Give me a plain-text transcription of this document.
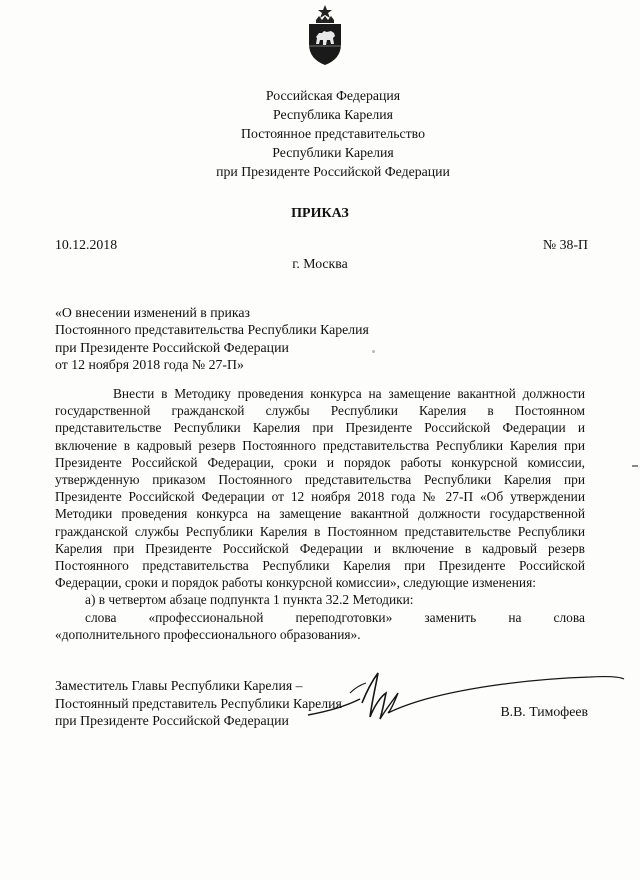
Российская Федерация
Республика Карелия
Постоянное представительство
Республики Карелия
при Президенте Российской Федерации
ПРИКАЗ
10.12.2018	№ 38-П
г. Москва
«О внесении изменений в приказ
Постоянного представительства Республики Карелия
при Президенте Российской Федерации
от 12 ноября 2018 года № 27-П»

Внести в Методику проведения конкурса на замещение вакантной должности государственной гражданской службы Республики Карелия в Постоянном представительстве Республики Карелия при Президенте Российской Федерации и включение в кадровый резерв Постоянного представительства Республики Карелия при Президенте Российской Федерации, сроки и порядок работы конкурсной комиссии, утвержденную приказом Постоянного представительства Республики Карелия при Президенте Российской Федерации от 12 ноября 2018 года № 27-П «Об утверждении Методики проведения конкурса на замещение вакантной должности государственной гражданской службы Республики Карелия в Постоянном представительстве Республики Карелия при Президенте Российской Федерации и включение в кадровый резерв Постоянного представительства Республики Карелия при Президенте Российской Федерации, сроки и порядок работы конкурсной комиссии», следующие изменения:

а) в четвертом абзаце подпункта 1 пункта 32.2 Методики:

слова «профессиональной переподготовки» заменить на слова

«дополнительного профессионального образования».

Заместитель Главы Республики Карелия –
Постоянный представитель Республики Карелия
при Президенте Российской Федерации
В.В. Тимофеев
